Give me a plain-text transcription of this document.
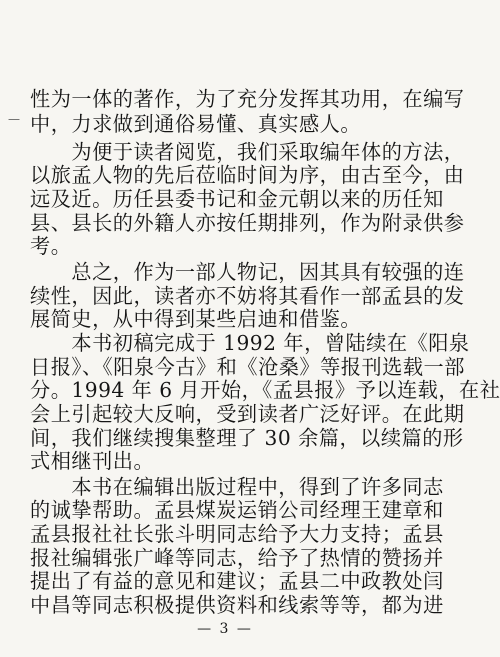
—
性为一体的著作，为了充分发挥其功用，在编写
中，力求做到通俗易懂、真实感人。
　　为便于读者阅览，我们采取编年体的方法，
以旅孟人物的先后莅临时间为序，由古至今，由
远及近。历任县委书记和金元朝以来的历任知
县、县长的外籍人亦按任期排列，作为附录供参
考。
　　总之，作为一部人物记，因其具有较强的连
续性，因此，读者亦不妨将其看作一部孟县的发
展简史，从中得到某些启迪和借鉴。
　　本书初稿完成于 1992 年，曾陆续在《阳泉
日报》、《阳泉今古》和《沧桑》等报刊选载一部
分。1994 年 6 月开始，《孟县报》予以连载，在社
会上引起较大反响，受到读者广泛好评。在此期
间，我们继续搜集整理了 30 余篇，以续篇的形
式相继刊出。
　　本书在编辑出版过程中，得到了许多同志
的诚挚帮助。孟县煤炭运销公司经理王建章和
孟县报社社长张斗明同志给予大力支持；孟县
报社编辑张广峰等同志，给予了热情的赞扬并
提出了有益的意见和建议；孟县二中政教处闫
中昌等同志积极提供资料和线索等等，都为进
— 3 —
